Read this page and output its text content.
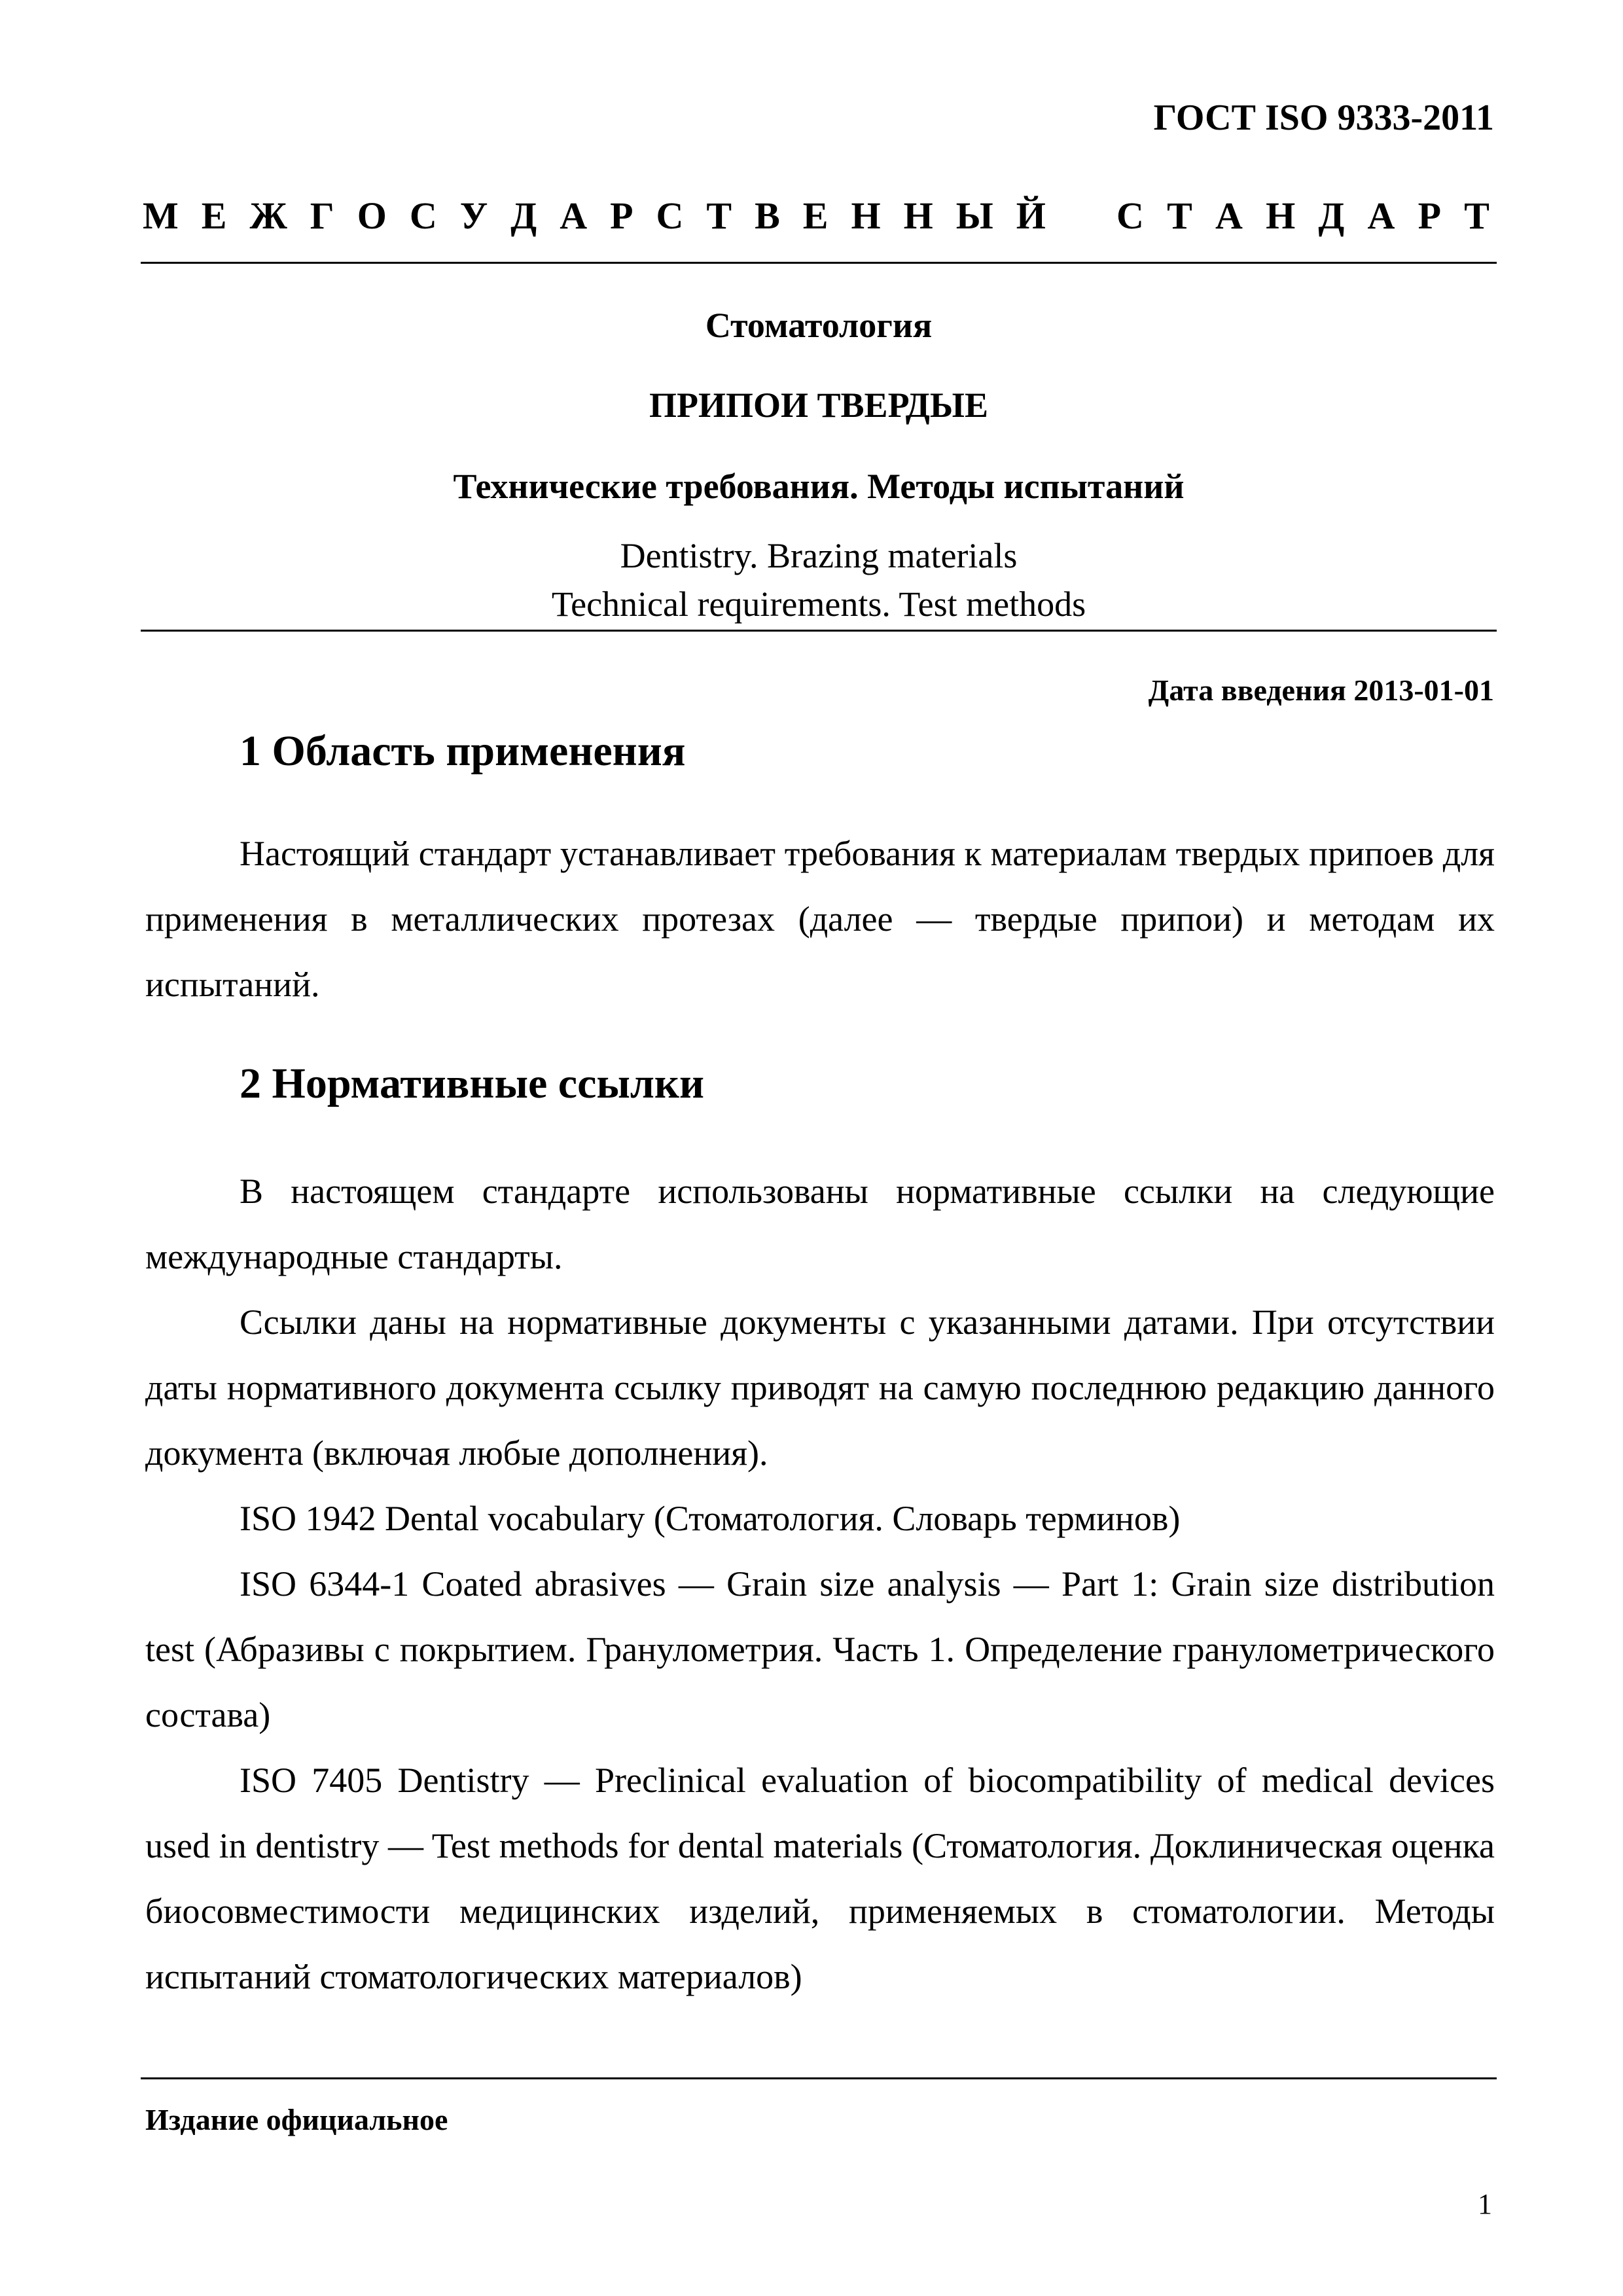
ГОСТ ISO 9333-2011
М Е Ж Г О С У Д А Р С Т В Е Н Н Ы Й С Т А Н Д А Р Т
Стоматология
ПРИПОИ ТВЕРДЫЕ
Технические требования. Методы испытаний
Dentistry. Brazing materials
Technical requirements. Test methods
Дата введения 2013-01-01
1 Область применения

Настоящий стандарт устанавливает требования к материалам твердых припоев для применения в металлических протезах (далее — твердые припои) и методам их испытаний.

2 Нормативные ссылки

В настоящем стандарте использованы нормативные ссылки на следующие международные стандарты.

Ссылки даны на нормативные документы с указанными датами. При отсутствии даты нормативного документа ссылку приводят на самую последнюю редакцию данного документа (включая любые дополнения).

ISO 1942 Dental vocabulary (Стоматология. Словарь терминов)

ISO 6344-1 Coated abrasives — Grain size analysis — Part 1: Grain size distribution test (Абразивы с покрытием. Гранулометрия. Часть 1. Определение гранулометрического состава)

ISO 7405 Dentistry — Preclinical evaluation of biocompatibility of medical devices used in dentistry — Test methods for dental materials (Стоматология. Доклиническая оценка биосовместимости медицинских изделий, применяемых в стоматологии. Методы испытаний стоматологических материалов)

Издание официальное
1
